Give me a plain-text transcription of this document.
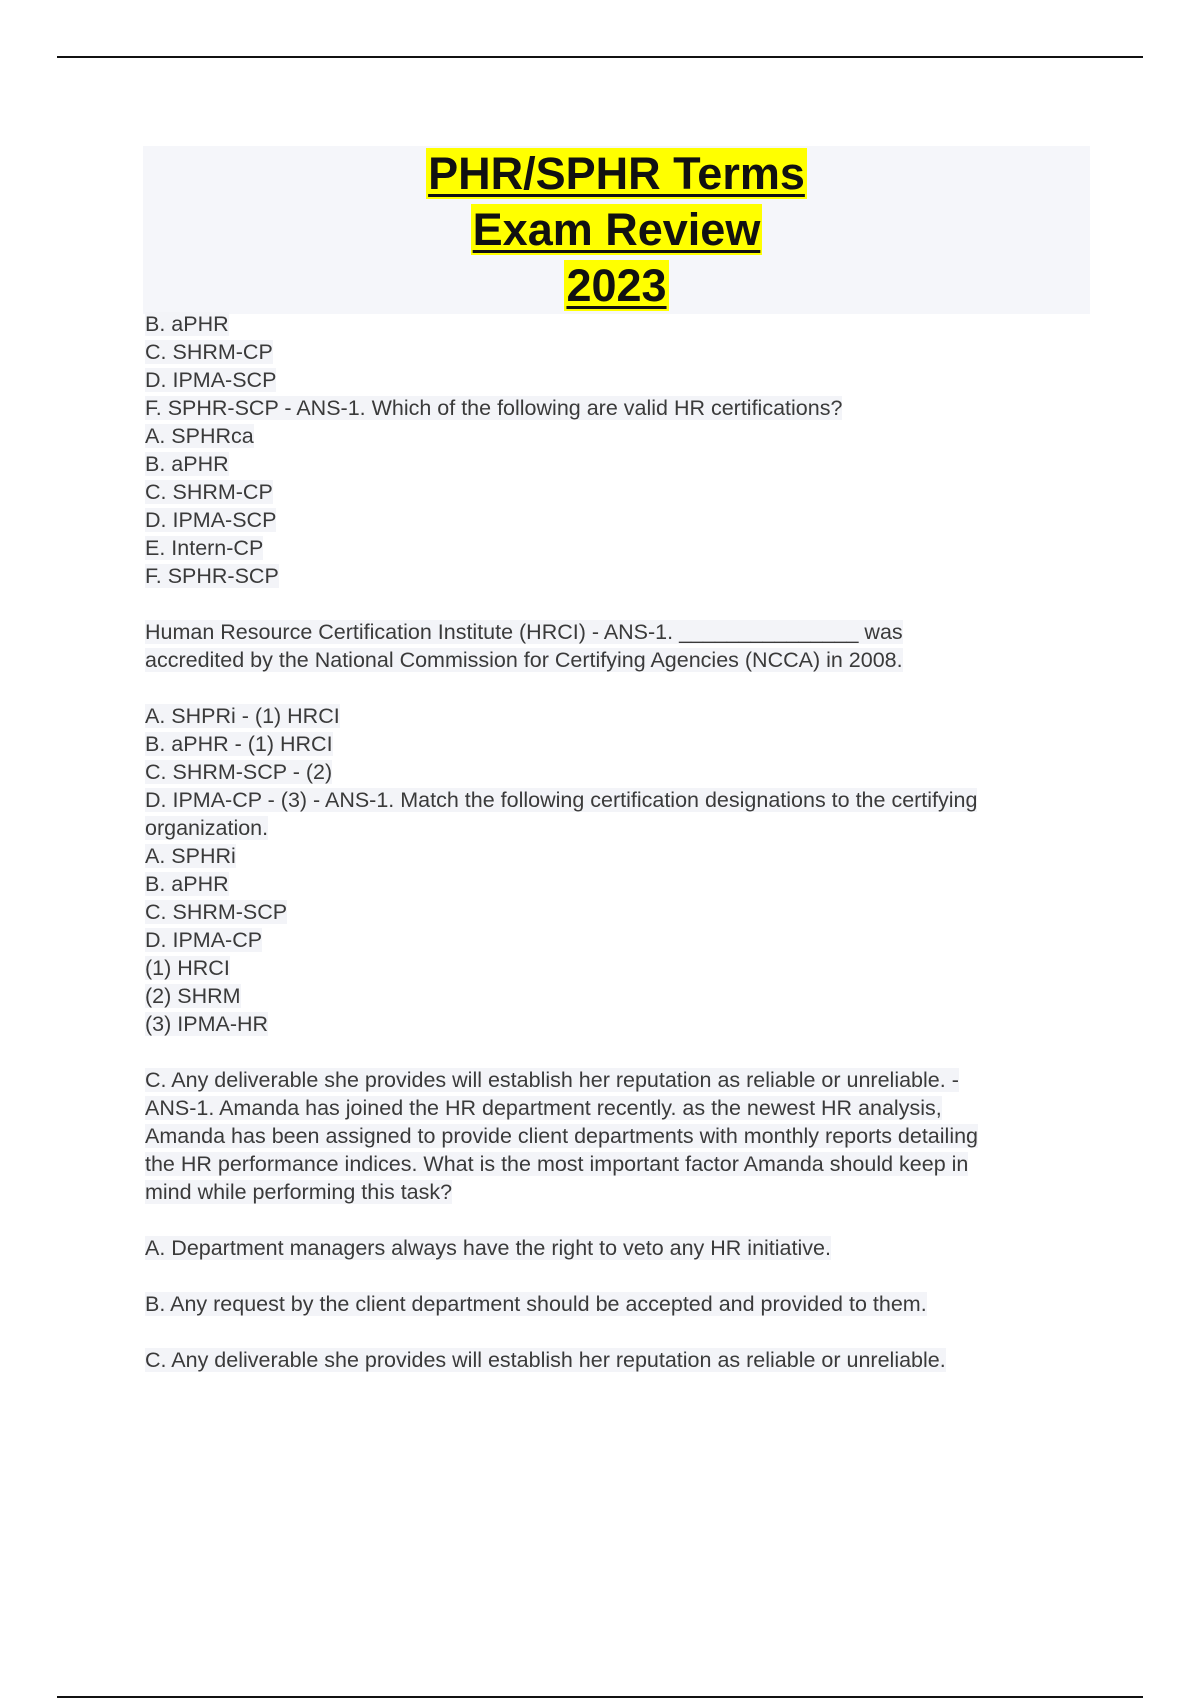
PHR/SPHR Terms
Exam Review
2023
B. aPHR
C. SHRM-CP
D. IPMA-SCP
F. SPHR-SCP - ANS-1. Which of the following are valid HR certifications?
A. SPHRca
B. aPHR
C. SHRM-CP
D. IPMA-SCP
E. Intern-CP
F. SPHR-SCP
Human Resource Certification Institute (HRCI) - ANS-1. _______________ was
accredited by the National Commission for Certifying Agencies (NCCA) in 2008.
A. SHPRi - (1) HRCI
B. aPHR - (1) HRCI
C. SHRM-SCP - (2)
D. IPMA-CP - (3) - ANS-1. Match the following certification designations to the certifying
organization.
A. SPHRi
B. aPHR
C. SHRM-SCP
D. IPMA-CP
(1) HRCI
(2) SHRM
(3) IPMA-HR
C. Any deliverable she provides will establish her reputation as reliable or unreliable. -
ANS-1. Amanda has joined the HR department recently. as the newest HR analysis,
Amanda has been assigned to provide client departments with monthly reports detailing
the HR performance indices. What is the most important factor Amanda should keep in
mind while performing this task?
A. Department managers always have the right to veto any HR initiative.
B. Any request by the client department should be accepted and provided to them.
C. Any deliverable she provides will establish her reputation as reliable or unreliable.
